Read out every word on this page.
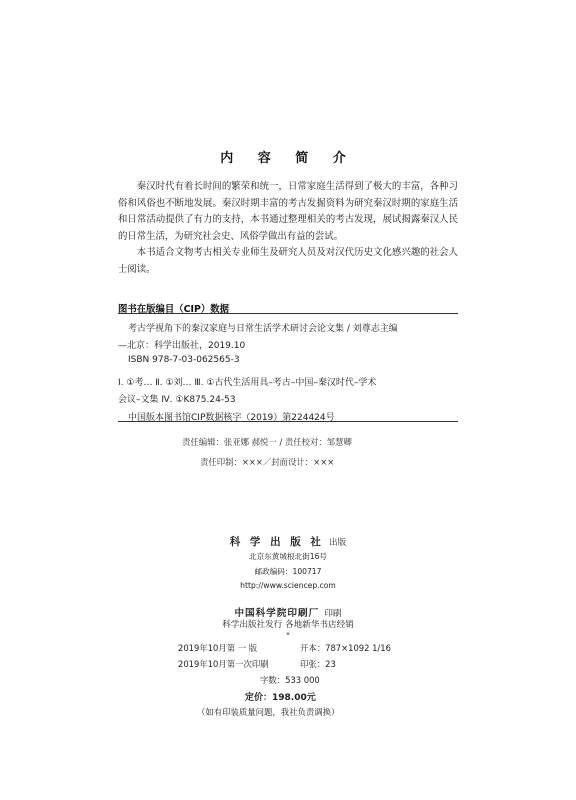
内 容 简 介

秦汉时代有着长时间的繁荣和统一，日常家庭生活得到了极大的丰富，各种习俗和风俗也不断地发展。秦汉时期丰富的考古发掘资料为研究秦汉时期的家庭生活和日常活动提供了有力的支持，本书通过整理相关的考古发现，展试揭露秦汉人民的日常生活，为研究社会史、风俗学做出有益的尝试。

本书适合文物考古相关专业师生及研究人员及对汉代历史文化感兴趣的社会人士阅读。

图书在版编目（CIP）数据
考古学视角下的秦汉家庭与日常生活学术研讨会论文集 / 刘尊志主编
—北京：科学出版社，2019.10
ISBN 978-7-03-062565-3
Ⅰ. ①考… Ⅱ. ①刘… Ⅲ. ①古代生活用具–考古–中国–秦汉时代–学术
会议–文集 Ⅳ. ①K875.24-53
中国版本图书馆CIP数据核字（2019）第224424号
责任编辑：张亚娜 郝悦一 / 责任校对：邹慧卿
责任印制：×××／封面设计：×××
科 学 出 版 社 出版
北京东黄城根北街16号
邮政编码：100717
http://www.sciencep.com
中国科学院印刷厂 印刷
科学出版社发行 各地新华书店经销
*
2019年10月第 一 版	开本：787×1092 1/16
2019年10月第一次印刷	印张：23
字数：533 000
定价：198.00元
（如有印装质量问题，我社负责调换）
